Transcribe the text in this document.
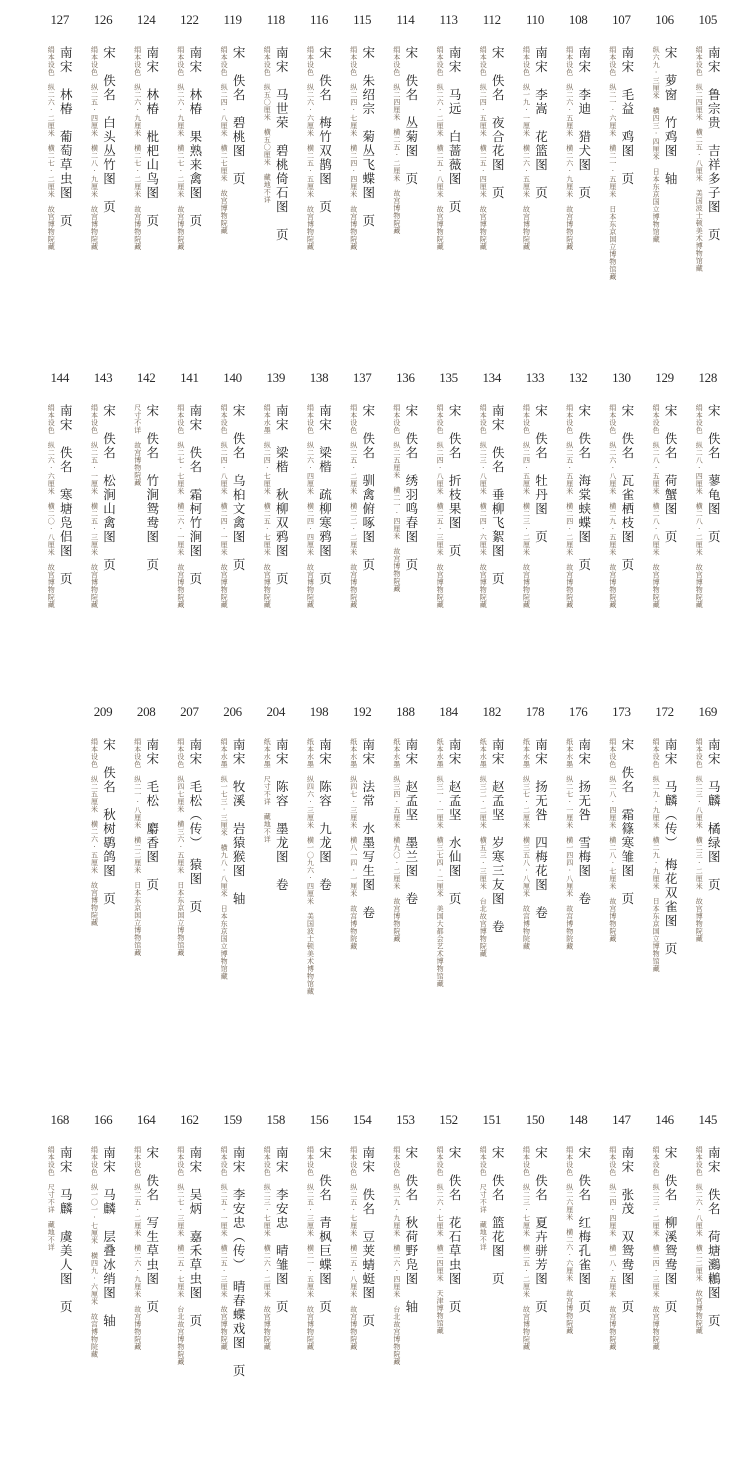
105
南宋　鲁宗贵　吉祥多子图　页
绢本设色　纵二四厘米　横二五·八厘米　美国波士顿美术博物馆藏
106
宋　萝窗　竹鸡图　轴
纵六九·三厘米　横四三·四厘米　日本东京国立博物馆藏
107
南宋　毛益　鸡图　页
绢本设色　纵二一·六厘米　横二一·五厘米　日本东京国立博物馆藏
108
南宋　李迪　猎犬图　页
绢本设色　纵二六·五厘米　横二六·九厘米　故宫博物院藏
110
南宋　李嵩　花篮图　页
绢本设色　纵一九·一厘米　横二六·五厘米　故宫博物院藏
112
宋　佚名　夜合花图　页
绢本设色　纵二四·五厘米　横二五·四厘米　故宫博物院藏
113
南宋　马远　白蔷薇图　页
绢本设色　纵二六·二厘米　横二五·八厘米　故宫博物院藏
114
宋　佚名　丛菊图　页
绢本设色　纵二四厘米　横二五·二厘米　故宫博物院藏
115
宋　朱绍宗　菊丛飞蝶图　页
绢本设色　纵二四·七厘米　横二四·四厘米　故宫博物院藏
116
宋　佚名　梅竹双鹊图　页
绢本设色　纵二六·六厘米　横二五·五厘米　故宫博物院藏
118
南宋　马世荣　碧桃倚石图　页
绢本设色　纵五〇厘米　横五〇厘米　藏地不详
119
宋　佚名　碧桃图　页
绢本设色　纵二四·八厘米　横二七厘米　故宫博物院藏
122
南宋　林椿　果熟来禽图　页
绢本设色　纵二六·九厘米　横二七·二厘米　故宫博物院藏
124
南宋　林椿　枇杷山鸟图　页
绢本设色　纵二六·九厘米　横二七·二厘米　故宫博物院藏
126
宋　佚名　白头丛竹图　页
绢本设色　纵二五·四厘米　横二八·九厘米　故宫博物院藏
127
南宋　林椿　葡萄草虫图　页
绢本设色　纵二六·二厘米　横二七·二厘米　故宫博物院藏
128
宋　佚名　蓼龟图　页
绢本设色　纵二八·四厘米　横二八·二厘米　故宫博物院藏
129
宋　佚名　荷蟹图　页
绢本设色　纵二八·五厘米　横二八·八厘米　故宫博物院藏
130
宋　佚名　瓦雀栖枝图　页
绢本设色　纵二六·八厘米　横二九·五厘米　故宫博物院藏
132
宋　佚名　海棠蛱蝶图　页
绢本设色　纵二五·五厘米　横二四·二厘米　故宫博物院藏
133
宋　佚名　牡丹图　页
绢本设色　纵二四·五厘米　横二三·二厘米　故宫博物院藏
134
南宋　佚名　垂柳飞絮图　页
绢本设色　纵二三·八厘米　横二四·六厘米　故宫博物院藏
135
宋　佚名　折枝果图　页
绢本设色　纵二四·八厘米　横二五·三厘米　故宫博物院藏
136
宋　佚名　绣羽鸣春图　页
绢本设色　纵二五厘米　横二一·四厘米　故宫博物院藏
137
宋　佚名　驯禽俯啄图　页
绢本设色　纵二五·二厘米　横二二·二厘米　故宫博物院藏
138
南宋　梁楷　疏柳寒鸦图　页
绢本设色　纵二六·四厘米　横二四·四厘米　故宫博物院藏
139
南宋　梁楷　秋柳双鸦图　页
绢本水墨　纵二四·七厘米　横二五·七厘米　故宫博物院藏
140
宋　佚名　乌桕文禽图　页
绢本设色　纵二四·八厘米　横二四·一厘米　故宫博物院藏
141
南宋　佚名　霜柯竹涧图　页
绢本设色　纵二七·七厘米　横二六·一厘米　故宫博物院藏
142
宋　佚名　竹涧鸳鸯图　页
尺寸不详　故宫博物院藏
143
宋　佚名　松涧山禽图　页
绢本设色　纵二五·一厘米　横二五·三厘米　故宫博物院藏
144
南宋　佚名　寒塘凫侣图　页
绢本设色　纵二六·六厘米　横二〇·八厘米　故宫博物院藏
169
南宋　马麟　橘绿图　页
绢本设色　纵二三·八厘米　横二三·二厘米　故宫博物院藏
172
南宋　马麟（传）　梅花双雀图　页
绢本设色　纵二九·九厘米　横二九·九厘米　日本东京国立博物馆藏
173
宋　佚名　霜篠寒雏图　页
绢本设色　纵二八·四厘米　横二八·七厘米　故宫博物院藏
176
南宋　扬无咎　雪梅图　卷
纸本水墨　纵二七·一厘米　横一四四·八厘米　故宫博物院藏
178
南宋　扬无咎　四梅花图　卷
纸本水墨　纵三七·二厘米　横三五八·八厘米　故宫博物院藏
182
南宋　赵孟坚　岁寒三友图　卷
纸本水墨　纵三二·二厘米　横五三·三厘米　台北故宫博物院藏
184
南宋　赵孟坚　水仙图　页
纸本水墨　纵三一·一厘米　横三七四·二厘米　美国大都会艺术博物馆藏
188
南宋　赵孟坚　墨兰图　卷
纸本水墨　纵三四·五厘米　横九〇·二厘米　故宫博物院藏
192
南宋　法常　水墨写生图　卷
纸本水墨　纵四七·三厘米　横八一四·一厘米　故宫博物院藏
198
南宋　陈容　九龙图　卷
纸本水墨　纵四六·三厘米　横一〇九六·四厘米　美国波士顿美术博物馆藏
204
南宋　陈容　墨龙图　卷
纸本水墨　尺寸不详　藏地不详
206
南宋　牧溪　岩猿猴图　轴
绢本水墨　纵一七三·三厘米　横九八·八厘米　日本东京国立博物馆藏
207
南宋　毛松（传）　猿图　页
绢本设色　纵四七厘米　横三六·五厘米　日本东京国立博物馆藏
208
南宋　毛松　麝香图　页
绢本设色　纵二一·八厘米　横二二厘米　日本东京国立博物馆藏
209
宋　佚名　秋树鹖鸽图　页
绢本设色　纵二五厘米　横二六·五厘米　故宫博物院藏
145
南宋　佚名　荷塘鸂鶒图　页
绢本设色　纵二六·八厘米　横二二厘米　故宫博物院藏
146
宋　佚名　柳溪鸳鸯图　页
绢本设色　纵二三·二厘米　横二四·三厘米　故宫博物院藏
147
南宋　张茂　双鸳鸯图　页
绢本设色　纵二四·四厘米　横一八·五厘米　故宫博物院藏
148
宋　佚名　红梅孔雀图　页
绢本设色　纵二六厘米　横二六·六厘米　故宫博物院藏
150
宋　佚名　夏卉骈芳图　页
绢本设色　纵二三·七厘米　横二五·二厘米　故宫博物院藏
151
宋　佚名　篮花图　页
绢本设色　尺寸不详　藏地不详
152
宋　佚名　花石草虫图　页
绢本设色　纵二六·七厘米　横二四厘米　天津博物馆藏
153
宋　佚名　秋荷野凫图　轴
绢本设色　纵二九·九厘米　横二六·四厘米　台北故宫博物院藏
154
南宋　佚名　豆荚蜻蜓图　页
绢本设色　纵二五·七厘米　横二五·八厘米　故宫博物院藏
156
宋　佚名　青枫巨蝶图　页
绢本设色　纵二五·三厘米　横二一·五厘米　故宫博物院藏
158
南宋　李安忠　晴雏图　页
绢本设色　纵二三·七厘米　横二六·二厘米　故宫博物院藏
159
南宋　李安忠（传）　晴春蝶戏图　页
绢本设色　纵二五·一厘米　横二五·三厘米　故宫博物院藏
162
南宋　吴炳　嘉禾草虫图　页
绢本设色　纵二七·三厘米　横二五·七厘米　台北故宫博物院藏
164
宋　佚名　写生草虫图　页
绢本设色　纵二五·二厘米　横二六·九厘米　故宫博物院藏
166
南宋　马麟　层叠冰绡图　轴
绢本设色　纵一〇一·七厘米　横四九·六厘米　故宫博物院藏
168
南宋　马麟　虞美人图　页
绢本设色　尺寸不详　藏地不详
